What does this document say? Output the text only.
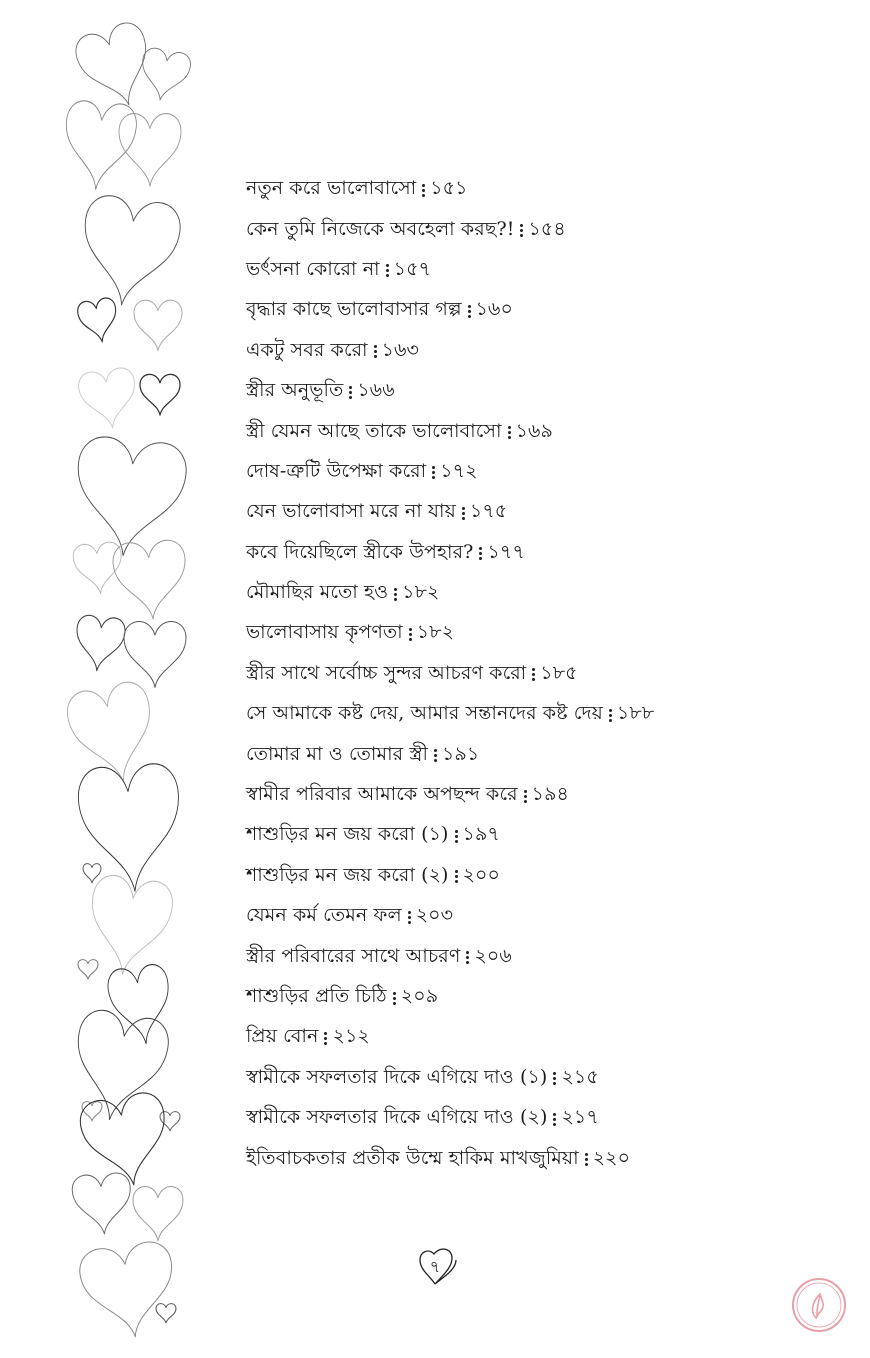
নতুন করে ভালোবাসো ১৫১
কেন তুমি নিজেকে অবহেলা করছ?! ১৫৪
ভর্ৎসনা কোরো না ১৫৭
বৃদ্ধার কাছে ভালোবাসার গল্প ১৬০
একটু সবর করো ১৬৩
স্ত্রীর অনুভূতি ১৬৬
স্ত্রী যেমন আছে তাকে ভালোবাসো ১৬৯
দোষ-ত্রুটি উপেক্ষা করো ১৭২
যেন ভালোবাসা মরে না যায় ১৭৫
কবে দিয়েছিলে স্ত্রীকে উপহার? ১৭৭
মৌমাছির মতো হও ১৮২
ভালোবাসায় কৃপণতা ১৮২
স্ত্রীর সাথে সর্বোচ্চ সুন্দর আচরণ করো ১৮৫
সে আমাকে কষ্ট দেয়, আমার সন্তানদের কষ্ট দেয় ১৮৮
তোমার মা ও তোমার স্ত্রী ১৯১
স্বামীর পরিবার আমাকে অপছন্দ করে ১৯৪
শাশুড়ির মন জয় করো (১) ১৯৭
শাশুড়ির মন জয় করো (২) ২০০
যেমন কর্ম তেমন ফল ২০৩
স্ত্রীর পরিবারের সাথে আচরণ ২০৬
শাশুড়ির প্রতি চিঠি ২০৯
প্রিয় বোন ২১২
স্বামীকে সফলতার দিকে এগিয়ে দাও (১) ২১৫
স্বামীকে সফলতার দিকে এগিয়ে দাও (২) ২১৭
ইতিবাচকতার প্রতীক উম্মে হাকিম মাখজুমিয়া ২২০
৭
